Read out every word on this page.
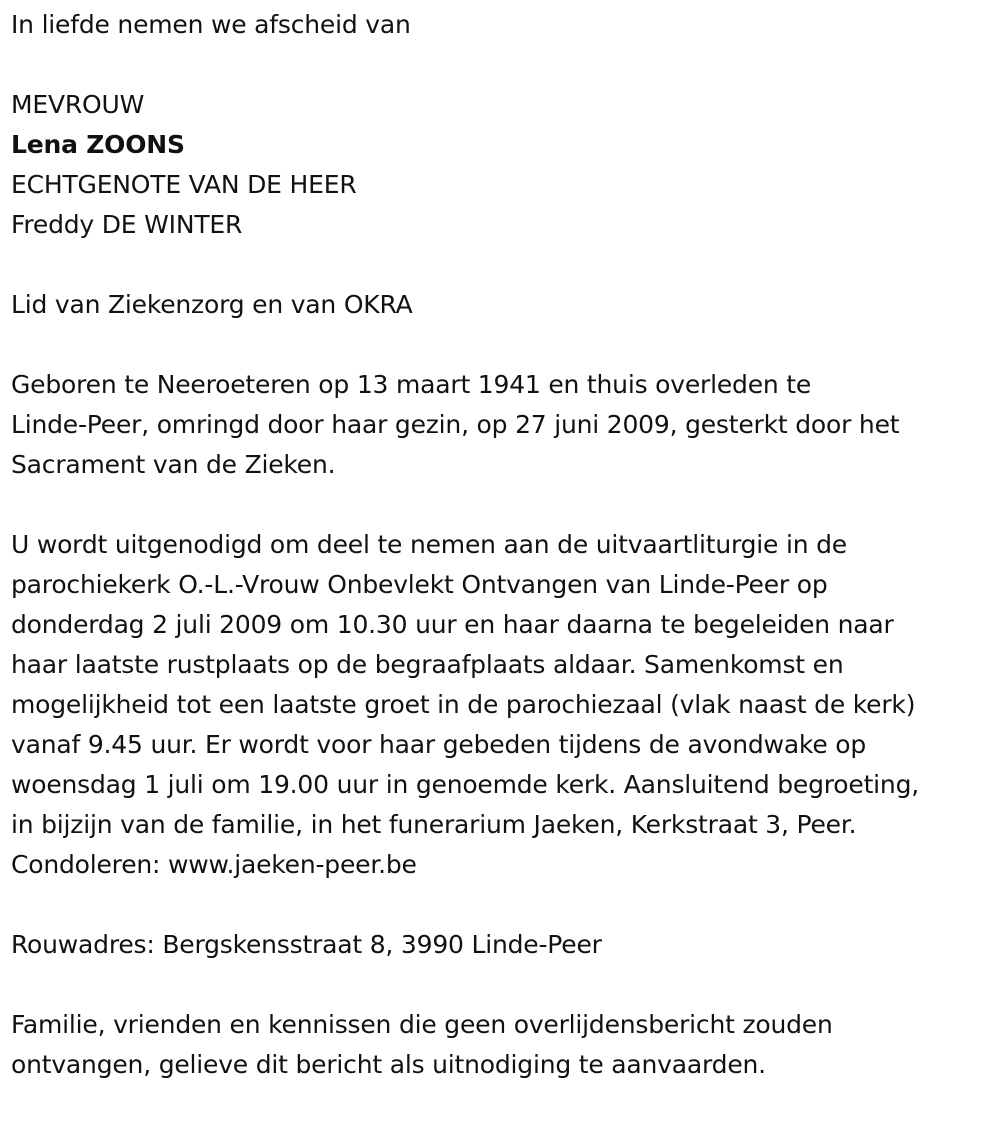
In liefde nemen we afscheid van
MEVROUW
Lena ZOONS
ECHTGENOTE VAN DE HEER
Freddy DE WINTER
Lid van Ziekenzorg en van OKRA
Geboren te Neeroeteren op 13 maart 1941 en thuis overleden te
Linde-Peer, omringd door haar gezin, op 27 juni 2009, gesterkt door het
Sacrament van de Zieken.
U wordt uitgenodigd om deel te nemen aan de uitvaartliturgie in de
parochiekerk O.-L.-Vrouw Onbevlekt Ontvangen van Linde-Peer op
donderdag 2 juli 2009 om 10.30 uur en haar daarna te begeleiden naar
haar laatste rustplaats op de begraafplaats aldaar. Samenkomst en
mogelijkheid tot een laatste groet in de parochiezaal (vlak naast de kerk)
vanaf 9.45 uur. Er wordt voor haar gebeden tijdens de avondwake op
woensdag 1 juli om 19.00 uur in genoemde kerk. Aansluitend begroeting,
in bijzijn van de familie, in het funerarium Jaeken, Kerkstraat 3, Peer.
Condoleren: www.jaeken-peer.be
Rouwadres: Bergskensstraat 8, 3990 Linde-Peer
Familie, vrienden en kennissen die geen overlijdensbericht zouden
ontvangen, gelieve dit bericht als uitnodiging te aanvaarden.
